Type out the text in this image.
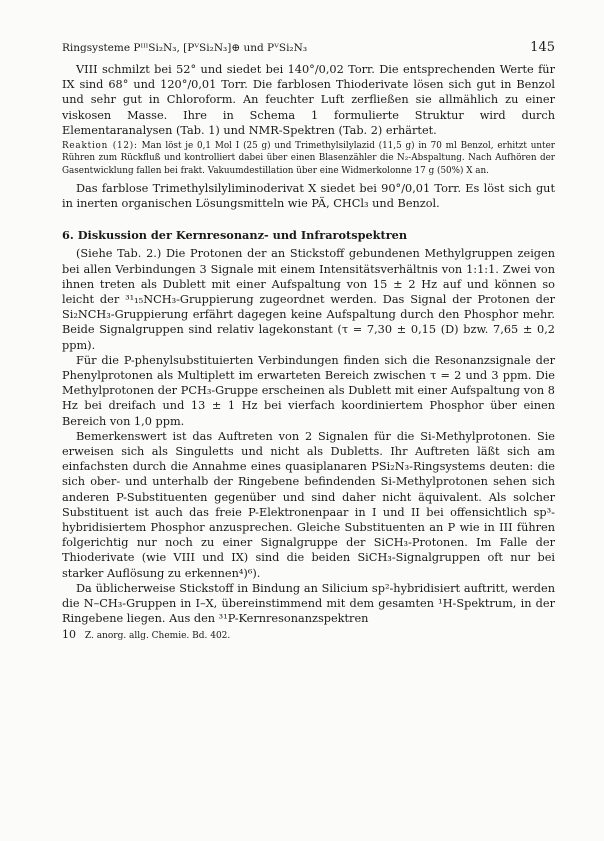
Ringsysteme PᴵᴵᴵSi₂N₃, [PⱽSi₂N₃]⊕ und PⱽSi₂N₃	145

VIII schmilzt bei 52° und siedet bei 140°/0,02 Torr. Die entsprechenden Werte für IX sind 68° und 120°/0,01 Torr. Die farblosen Thioderivate lösen sich gut in Benzol und sehr gut in Chloroform. An feuchter Luft zerfließen sie allmählich zu einer viskosen Masse. Ihre in Schema 1 formulierte Struktur wird durch Elementaranalysen (Tab. 1) und NMR-Spektren (Tab. 2) erhärtet.

Reaktion (12): Man löst je 0,1 Mol I (25 g) und Trimethylsilylazid (11,5 g) in 70 ml Benzol, erhitzt unter Rühren zum Rückfluß und kontrolliert dabei über einen Blasenzähler die N₂-Abspaltung. Nach Aufhören der Gasentwicklung fallen bei frakt. Vakuumdestillation über eine Widmerkolonne 17 g (50%) X an.

Das farblose Trimethylsilyliminoderivat X siedet bei 90°/0,01 Torr. Es löst sich gut in inerten organischen Lösungsmitteln wie PÄ, CHCl₃ und Benzol.

6. Diskussion der Kernresonanz- und Infrarotspektren

(Siehe Tab. 2.) Die Protonen der an Stickstoff gebundenen Methylgruppen zeigen bei allen Verbindungen 3 Signale mit einem Intensitätsverhältnis von 1:1:1. Zwei von ihnen treten als Dublett mit einer Aufspaltung von 15 ± 2 Hz auf und können so leicht der ³¹₁₅NCH₃-Gruppierung zugeordnet werden. Das Signal der Protonen der Si₂NCH₃-Gruppierung erfährt dagegen keine Aufspaltung durch den Phosphor mehr. Beide Signalgruppen sind relativ lagekonstant (τ = 7,30 ± 0,15 (D) bzw. 7,65 ± 0,2 ppm).

Für die P-phenylsubstituierten Verbindungen finden sich die Resonanzsignale der Phenylprotonen als Multiplett im erwarteten Bereich zwischen τ = 2 und 3 ppm. Die Methylprotonen der PCH₃-Gruppe erscheinen als Dublett mit einer Aufspaltung von 8 Hz bei dreifach und 13 ± 1 Hz bei vierfach koordiniertem Phosphor über einen Bereich von 1,0 ppm.

Bemerkenswert ist das Auftreten von 2 Signalen für die Si-Methylprotonen. Sie erweisen sich als Singuletts und nicht als Dubletts. Ihr Auftreten läßt sich am einfachsten durch die Annahme eines quasiplanaren PSi₂N₃-Ringsystems deuten: die sich ober- und unterhalb der Ringebene befindenden Si-Methylprotonen sehen sich anderen P-Substituenten gegenüber und sind daher nicht äquivalent. Als solcher Substituent ist auch das freie P-Elektronenpaar in I und II bei offensichtlich sp³-hybridisiertem Phosphor anzusprechen. Gleiche Substituenten an P wie in III führen folgerichtig nur noch zu einer Signalgruppe der SiCH₃-Protonen. Im Falle der Thioderivate (wie VIII und IX) sind die beiden SiCH₃-Signalgruppen oft nur bei starker Auflösung zu erkennen⁴)⁶).

Da üblicherweise Stickstoff in Bindung an Silicium sp²-hybridisiert auftritt, werden die N–CH₃-Gruppen in I–X, übereinstimmend mit dem gesamten ¹H-Spektrum, in der Ringebene liegen. Aus den ³¹P-Kernresonanzspektren

10 Z. anorg. allg. Chemie. Bd. 402.
